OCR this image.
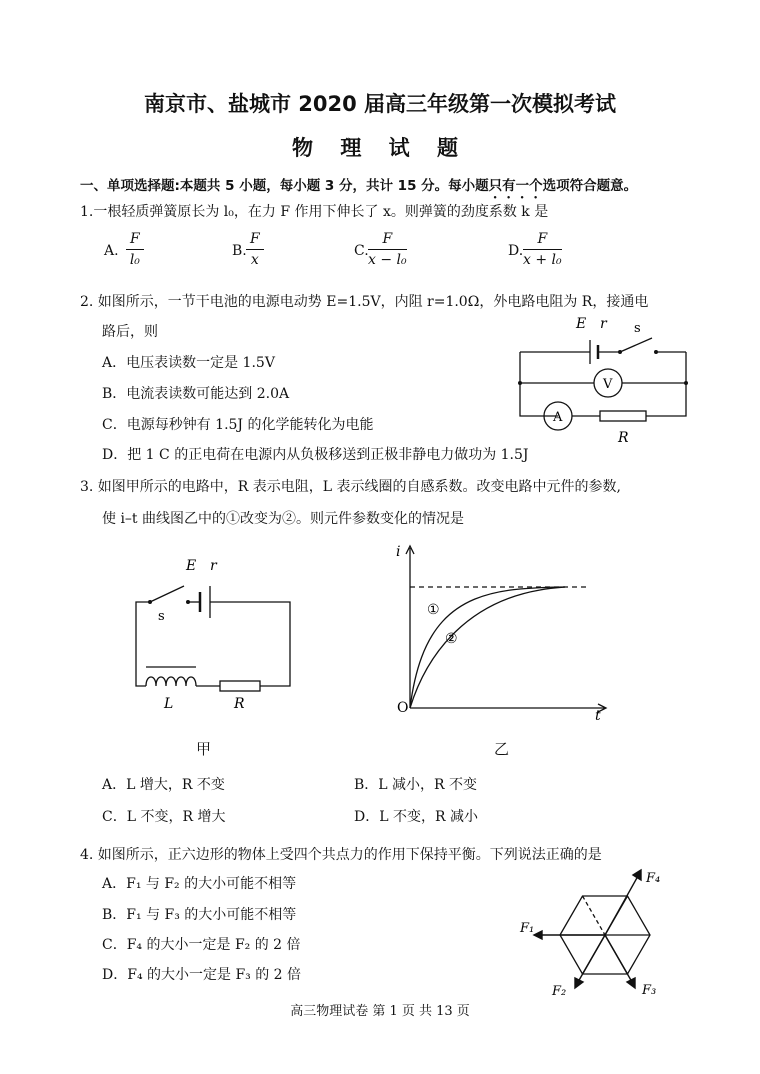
南京市、盐城市 2020 届高三年级第一次模拟考试
物 理 试 题
一、单项选择题:本题共 5 小题，每小题 3 分，共计 15 分。每小题只有一个选项符合题意。
1.一根轻质弹簧原长为 l₀，在力 F 作用下伸长了 x。则弹簧的劲度系数 k 是
A. $\frac{F}{\text{l₀}}$	B. $\frac{F}{x}$	C. $\frac{F}{\text{x − l₀}}$	D. $\frac{F}{\text{x + l₀}}$
2. 如图所示，一节干电池的电源电动势 E=1.5V，内阻 r=1.0Ω，外电路电阻为 R，接通电
路后，则
A．电压表读数一定是 1.5V
B．电流表读数可能达到 2.0A
C．电源每秒钟有 1.5J 的化学能转化为电能
D．把 1 C 的正电荷在电源内从负极移送到正极非静电力做功为 1.5J
E r s
V
A
R
3. 如图甲所示的电路中，R 表示电阻，L 表示线圈的自感系数。改变电路中元件的参数,
使 i–t 曲线图乙中的①改变为②。则元件参数变化的情况是
E r
s
L	R
甲
i
t
O
①
②
乙
A．L 增大，R 不变	B．L 减小，R 不变
C．L 不变，R 增大	D．L 不变，R 减小
4. 如图所示，正六边形的物体上受四个共点力的作用下保持平衡。下列说法正确的是
A．F₁ 与 F₂ 的大小可能不相等
B．F₁ 与 F₃ 的大小可能不相等
C．F₄ 的大小一定是 F₂ 的 2 倍
D．F₄ 的大小一定是 F₃ 的 2 倍
F₁
F₂	F₃
F₄
高三物理试卷 第 1 页 共 13 页
